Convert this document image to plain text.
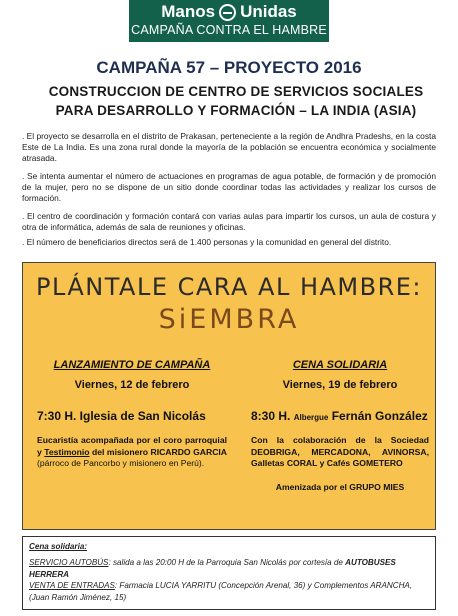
Manos Unidas
CAMPAÑA CONTRA EL HAMBRE
CAMPAÑA 57 – PROYECTO 2016
CONSTRUCCION DE CENTRO DE SERVICIOS SOCIALES
PARA DESARROLLO Y FORMACIÓN – LA INDIA (ASIA)

. El proyecto se desarrolla en el distrito de Prakasan, perteneciente a la región de Andhra Pradeshs, en la costa Este de La India. Es una zona rural donde la mayoría de la población se encuentra económica y socialmente atrasada.

. Se intenta aumentar el número de actuaciones en programas de agua potable, de formación y de promoción de la mujer, pero no se dispone de un sitio donde coordinar todas las actividades y realizar los cursos de formación.

. El centro de coordinación y formación contará con varias aulas para impartir los cursos, un aula de costura y otra de informática, además de sala de reuniones y oficinas.

. El número de beneficiarios directos será de 1.400 personas y la comunidad en general del distrito.

PLÁNTALE CARA AL HAMBRE:
SiEMBRA
LANZAMIENTO DE CAMPAÑA
Viernes, 12 de febrero
7:30 H. Iglesia de San Nicolás
Eucaristía acompañada por el coro parroquial y Testimonio del misionero RICARDO GARCIA (párroco de Pancorbo y misionero en Perú).
CENA SOLIDARIA
Viernes, 19 de febrero
8:30 H. Albergue Fernán González
Con la colaboración de la Sociedad DEOBRIGA, MERCADONA, AVINORSA, Galletas CORAL y Cafés GOMETERO
Amenizada por el GRUPO MIES
Cena solidaria:
SERVICIO AUTOBÚS: salida a las 20:00 H de la Parroquia San Nicolás por cortesía de AUTOBUSES HERRERA
VENTA DE ENTRADAS: Farmacia LUCIA YARRITU (Concepción Arenal, 36) y Complementos ARANCHA, (Juan Ramón Jiménez, 15)
